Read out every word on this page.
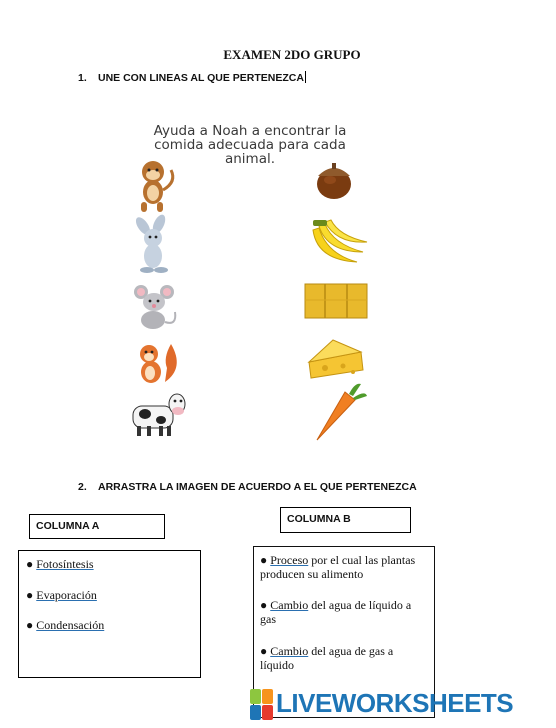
EXAMEN 2DO GRUPO
1. UNE CON LINEAS AL QUE PERTENEZCA
Ayuda a Noah a encontrar la comida adecuada para cada animal.
2. ARRASTRA LA IMAGEN DE ACUERDO A EL QUE PERTENEZCA
COLUMNA A
COLUMNA B
● Fotosíntesis
● Evaporación
● Condensación
● Proceso por el cual las plantas producen su alimento
● Cambio del agua de líquido a gas
● Cambio del agua de gas a líquido
LIVEWORKSHEETS
